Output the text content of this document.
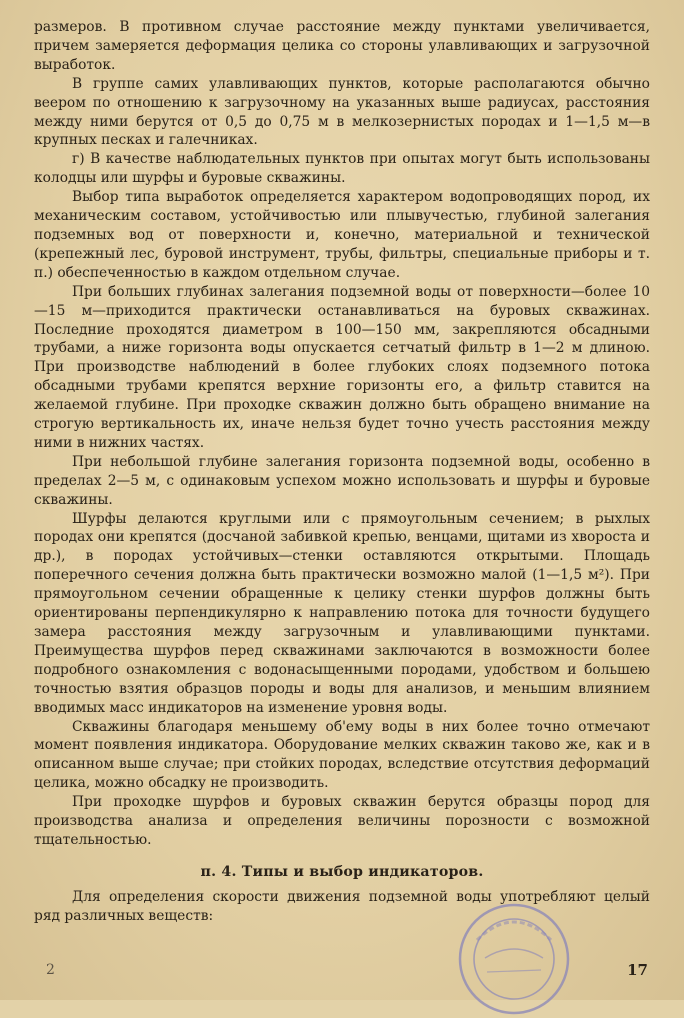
размеров. В противном случае расстояние между пунктами увеличивается, причем замеряется деформация целика со стороны улавливающих и загрузочной выработок.

В группе самих улавливающих пунктов, которые располагаются обычно веером по отношению к загрузочному на указанных выше радиусах, расстояния между ними берутся от 0,5 до 0,75 м в мелкозернистых породах и 1—1,5 м—в крупных песках и галечниках.

г) В качестве наблюдательных пунктов при опытах могут быть использованы колодцы или шурфы и буровые скважины.

Выбор типа выработок определяется характером водопроводящих пород, их механическим составом, устойчивостью или плывучестью, глубиной залегания подземных вод от поверхности и, конечно, материальной и технической (крепежный лес, буровой инструмент, трубы, фильтры, специальные приборы и т. п.) обеспеченностью в каждом отдельном случае.

При больших глубинах залегания подземной воды от поверхности—более 10—15 м—приходится практически останавливаться на буровых скважинах. Последние проходятся диаметром в 100—150 мм, закрепляются обсадными трубами, а ниже горизонта воды опускается сетчатый фильтр в 1—2 м длиною. При производстве наблюдений в более глубоких слоях подземного потока обсадными трубами крепятся верхние горизонты его, а фильтр ставится на желаемой глубине. При проходке скважин должно быть обращено внимание на строгую вертикальность их, иначе нельзя будет точно учесть расстояния между ними в нижних частях.

При небольшой глубине залегания горизонта подземной воды, особенно в пределах 2—5 м, с одинаковым успехом можно использовать и шурфы и буровые скважины.

Шурфы делаются круглыми или с прямоугольным сечением; в рыхлых породах они крепятся (досчаной забивкой крепью, венцами, щитами из хвороста и др.), в породах устойчивых—стенки оставляются открытыми. Площадь поперечного сечения должна быть практически возможно малой (1—1,5 м²). При прямоугольном сечении обращенные к целику стенки шурфов должны быть ориентированы перпендикулярно к направлению потока для точности будущего замера расстояния между загрузочным и улавливающими пунктами. Преимущества шурфов перед скважинами заключаются в возможности более подробного ознакомления с водонасыщенными породами, удобством и большею точностью взятия образцов породы и воды для анализов, и меньшим влиянием вводимых масс индикаторов на изменение уровня воды.

Скважины благодаря меньшему об'ему воды в них более точно отмечают момент появления индикатора. Оборудование мелких скважин таково же, как и в описанном выше случае; при стойких породах, вследствие отсутствия деформаций целика, можно обсадку не производить.

При проходке шурфов и буровых скважин берутся образцы пород для производства анализа и определения величины порозности с возможной тщательностью.

п. 4. Типы и выбор индикаторов.

Для определения скорости движения подземной воды употребляют целый ряд различных веществ:

2	17
